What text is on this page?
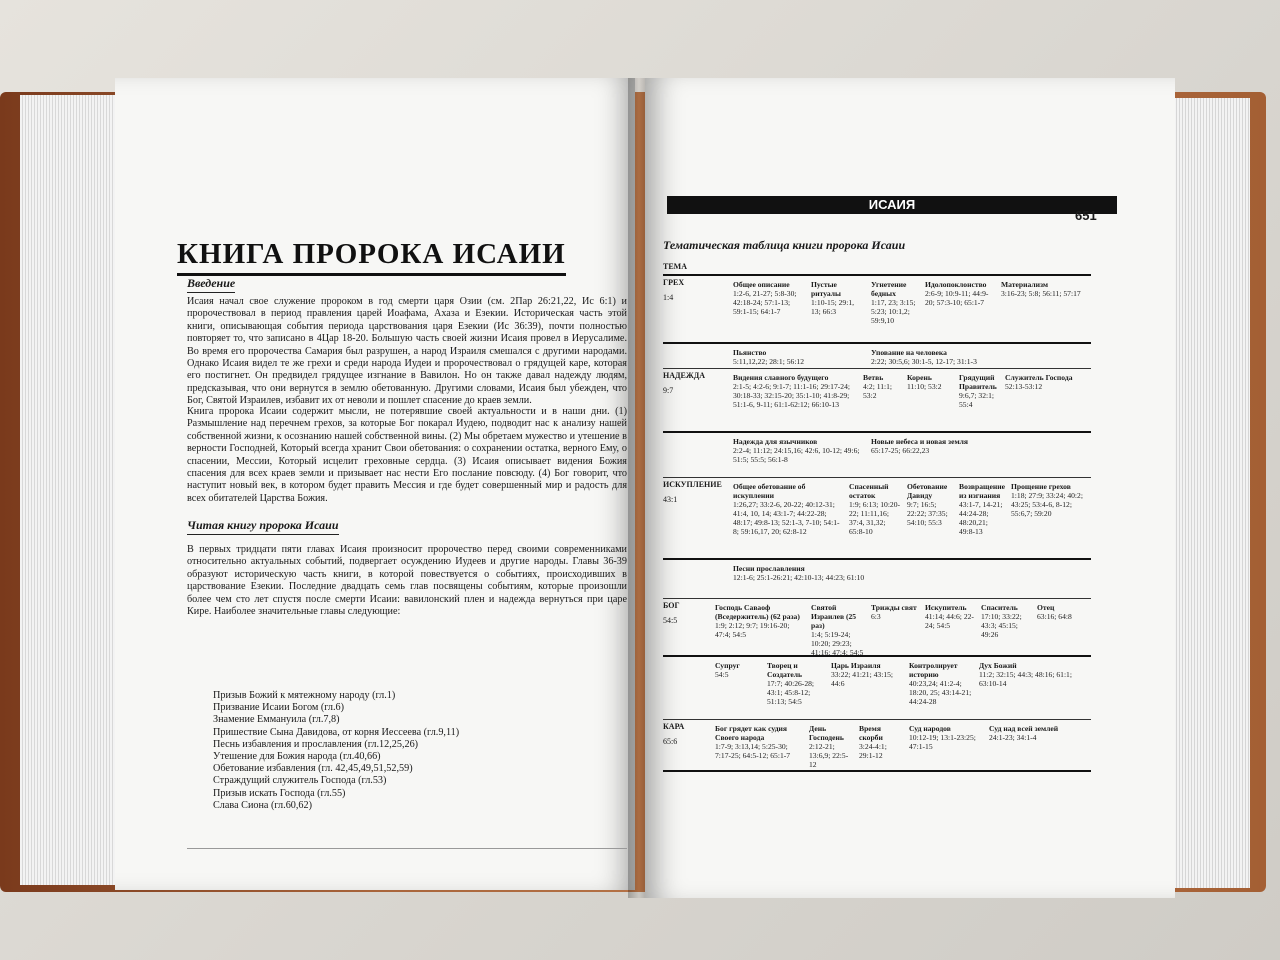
КНИГА ПРОРОКА ИСАИИ
Введение

Исаия начал свое служение пророком в год смерти царя Озии (см. 2Пар 26:21,22, Ис 6:1) и пророчествовал в период правления царей Иоафама, Ахаза и Езекии. Историческая часть этой книги, описывающая события периода царствования царя Езекии (Ис 36:39), почти полностью повторяет то, что записано в 4Цар 18-20. Большую часть своей жизни Исаия провел в Иерусалиме. Во время его пророчества Самария был разрушен, а народ Израиля смешался с другими народами. Однако Исаия видел те же грехи и среди народа Иудеи и пророчествовал о грядущей каре, которая его постигнет. Он предвидел грядущее изгнание в Вавилон. Но он также давал надежду людям, предсказывая, что они вернутся в землю обетованную. Другими словами, Исаия был убежден, что Бог, Святой Израилев, избавит их от неволи и пошлет спасение до краев земли.

Книга пророка Исаии содержит мысли, не потерявшие своей актуальности и в наши дни. (1) Размышление над перечнем грехов, за которые Бог покарал Иудею, подводит нас к анализу нашей собственной жизни, к осознанию нашей собственной вины. (2) Мы обретаем мужество и утешение в верности Господней, Который всегда хранит Свои обетования: о сохранении остатка, верного Ему, о спасении, Мессии, Который исцелит греховные сердца. (3) Исаия описывает видения Божия спасения для всех краев земли и призывает нас нести Его послание повсюду. (4) Бог говорит, что наступит новый век, в котором будет править Мессия и где будет совершенный мир и радость для всех обитателей Царства Божия.

Читая книгу пророка Исаии

В первых тридцати пяти главах Исаия произносит пророчество перед своими современниками относительно актуальных событий, подвергает осуждению Иудеев и другие народы. Главы 36-39 образуют историческую часть книги, в которой повествуется о событиях, происходивших в царствование Езекии. Последние двадцать семь глав посвящены событиям, которые произошли более чем сто лет спустя после смерти Исаии: вавилонский плен и надежда вернуться при царе Кире. Наиболее значительные главы следующие:

Призыв Божий к мятежному народу (гл.1)
Призвание Исаии Богом (гл.6)
Знамение Еммануила (гл.7,8)
Пришествие Сына Давидова, от корня Иессеева (гл.9,11)
Песнь избавления и прославления (гл.12,25,26)
Утешение для Божия народа (гл.40,66)
Обетование избавления (гл. 42,45,49,51,52,59)
Страждущий служитель Господа (гл.53)
Призыв искать Господа (гл.55)
Слава Сиона (гл.60,62)
ИСАИЯ
651
Тематическая таблица книги пророка Исаии
ТЕМА
ГРЕХ
1:4
Общее описание
1:2-6, 21-27; 5:8-30; 42:18-24; 57:1-13; 59:1-15; 64:1-7
Пустые ритуалы
1:10-15; 29:1, 13; 66:3
Угнетение бедных
1:17, 23; 3:15; 5:23; 10:1,2; 59:9,10
Идолопоклонство
2:6-9; 10:9-11; 44:9-20; 57:3-10; 65:1-7
Материализм
3:16-23; 5:8; 56:11; 57:17
Пьянство
5:11,12,22; 28:1; 56:12
Упование на человека
2:22; 30:5,6; 30:1-5, 12-17; 31:1-3
НАДЕЖДА
9:7
Видения славного будущего
2:1-5; 4:2-6; 9:1-7; 11:1-16; 29:17-24; 30:18-33; 32:15-20; 35:1-10; 41:8-29; 51:1-6, 9-11; 61:1-62:12; 66:10-13
Ветвь
4:2; 11:1; 53:2
Корень
11:10; 53:2
Грядущий Правитель
9:6,7; 32:1; 55:4
Служитель Господа
52:13-53:12
Надежда для язычников
2:2-4; 11:12; 24:15,16; 42:6, 10-12; 49:6; 51:5; 55:5; 56:1-8
Новые небеса и новая земля
65:17-25; 66:22,23
ИСКУПЛЕНИЕ
43:1
Общее обетование об искуплении
1:26,27; 33:2-6, 20-22; 40:12-31; 41:4, 10, 14; 43:1-7; 44:22-28; 48:17; 49:8-13; 52:1-3, 7-10; 54:1-8; 59:16,17, 20; 62:8-12
Спасенный остаток
1:9; 6:13; 10:20-22; 11:11,16; 37:4, 31,32; 65:8-10
Обетование Давиду
9:7; 16:5; 22:22; 37:35; 54:10; 55:3
Возвращение из изгнания
43:1-7, 14-21; 44:24-28; 48:20,21; 49:8-13
Прощение грехов
1:18; 27:9; 33:24; 40:2; 43:25; 53:4-6, 8-12; 55:6,7; 59:20
Песни прославления
12:1-6; 25:1-26:21; 42:10-13; 44:23; 61:10
БОГ
54:5
Господь Саваоф (Вседержитель) (62 раза)
1:9; 2:12; 9:7; 19:16-20; 47:4; 54:5
Святой Израилев (25 раз)
1:4; 5:19-24; 10:20; 29:23; 41:16; 47:4; 54:5
Трижды свят
6:3
Искупитель
41:14; 44:6; 22-24; 54:5
Спаситель
17:10; 33:22; 43:3; 45:15; 49:26
Отец
63:16; 64:8
Супруг
54:5
Творец и Создатель
17:7; 40:26-28; 43:1; 45:8-12; 51:13; 54:5
Царь Израиля
33:22; 41:21; 43:15; 44:6
Контролирует историю
40:23,24; 41:2-4; 18:20, 25; 43:14-21; 44:24-28
Дух Божий
11:2; 32:15; 44:3; 48:16; 61:1; 63:10-14
КАРА
65:6
Бог грядет как судия Своего народа
1:7-9; 3:13,14; 5:25-30; 7:17-25; 64:5-12; 65:1-7
День Господень
2:12-21; 13:6,9; 22:5-12
Время скорби
3:24-4:1; 29:1-12
Суд народов
10:12-19; 13:1-23:25; 47:1-15
Суд над всей землей
24:1-23; 34:1-4
